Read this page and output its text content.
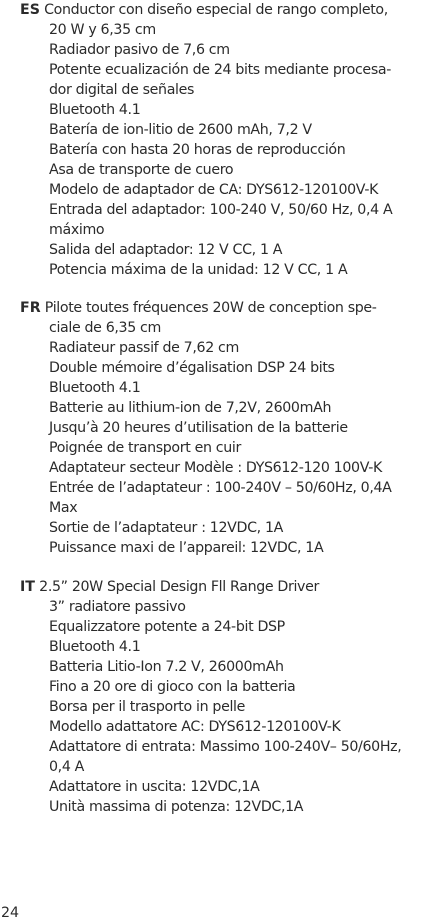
ES Conductor con diseño especial de rango completo,
20 W y 6,35 cm
Radiador pasivo de 7,6 cm
Potente ecualización de 24 bits mediante procesa-
dor digital de señales
Bluetooth 4.1
Batería de ion-litio de 2600 mAh, 7,2 V
Batería con hasta 20 horas de reproducción
Asa de transporte de cuero
Modelo de adaptador de CA: DYS612-120100V-K
Entrada del adaptador: 100-240 V, 50/60 Hz, 0,4 A
máximo
Salida del adaptador: 12 V CC, 1 A
Potencia máxima de la unidad: 12 V CC, 1 A
FR Pilote toutes fréquences 20W de conception spe-
ciale de 6,35 cm
Radiateur passif de 7,62 cm
Double mémoire d’égalisation DSP 24 bits
Bluetooth 4.1
Batterie au lithium-ion de 7,2V, 2600mAh
Jusqu’à 20 heures d’utilisation de la batterie
Poignée de transport en cuir
Adaptateur secteur Modèle : DYS612-120 100V-K
Entrée de l’adaptateur : 100-240V – 50/60Hz, 0,4A
Max
Sortie de l’adaptateur : 12VDC, 1A
Puissance maxi de l’appareil: 12VDC, 1A
IT 2.5” 20W Special Design Fll Range Driver
3” radiatore passivo
Equalizzatore potente a 24-bit DSP
Bluetooth 4.1
Batteria Litio-Ion 7.2 V, 26000mAh
Fino a 20 ore di gioco con la batteria
Borsa per il trasporto in pelle
Modello adattatore AC: DYS612-120100V-K
Adattatore di entrata: Massimo 100-240V– 50/60Hz,
0,4 A
Adattatore in uscita: 12VDC,1A
Unità massima di potenza: 12VDC,1A
24
